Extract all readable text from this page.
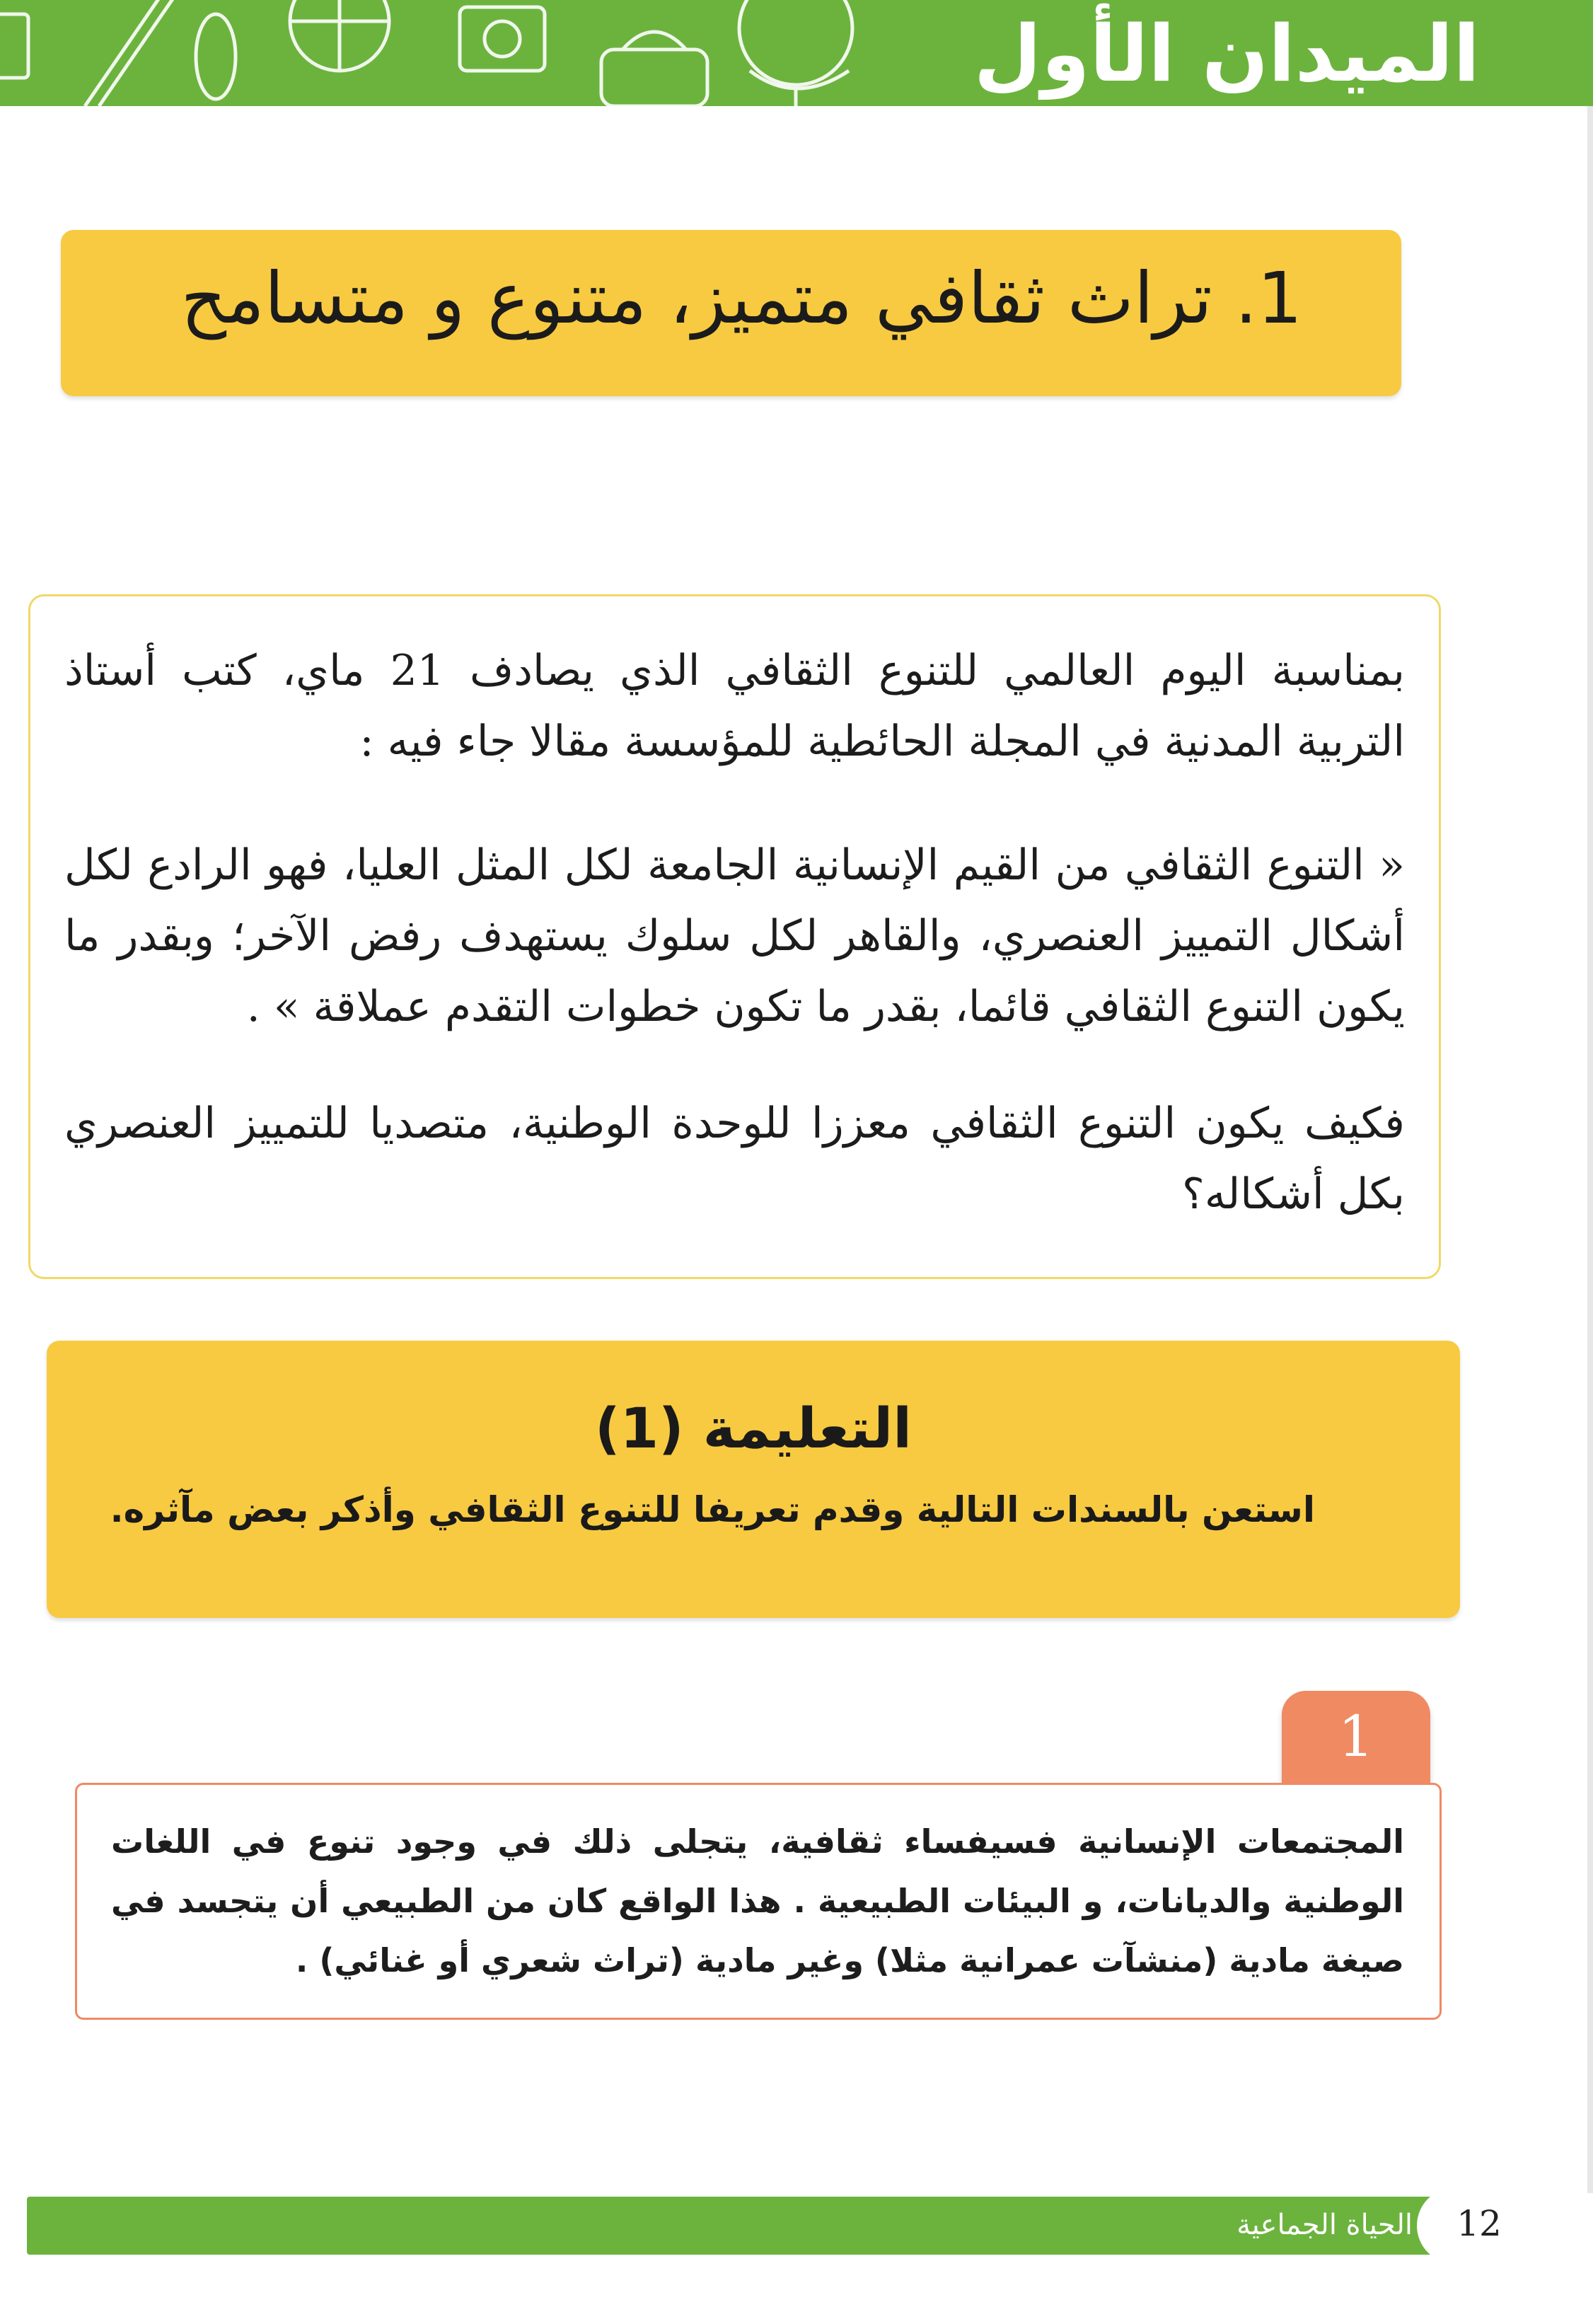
الميدان الأول
1. تراث ثقافي متميز، متنوع و متسامح

بمناسبة اليوم العالمي للتنوع الثقافي الذي يصادف 21 ماي، كتب أستاذ التربية المدنية في المجلة الحائطية للمؤسسة مقالا جاء فيه :

« التنوع الثقافي من القيم الإنسانية الجامعة لكل المثل العليا، فهو الرادع لكل أشكال التمييز العنصري، والقاهر لكل سلوك يستهدف رفض الآخر؛ وبقدر ما يكون التنوع الثقافي قائما، بقدر ما تكون خطوات التقدم عملاقة » .

فكيف يكون التنوع الثقافي معززا للوحدة الوطنية، متصديا للتمييز العنصري بكل أشكاله؟

التعليمة (1)
استعن بالسندات التالية وقدم تعريفا للتنوع الثقافي وأذكر بعض مآثره.
1

المجتمعات الإنسانية فسيفساء ثقافية، يتجلى ذلك في وجود تنوع في اللغات الوطنية والديانات، و البيئات الطبيعية . هذا الواقع كان من الطبيعي أن يتجسد في صيغة مادية (منشآت عمرانية مثلا) وغير مادية (تراث شعري أو غنائي) .

الحياة الجماعية	12
